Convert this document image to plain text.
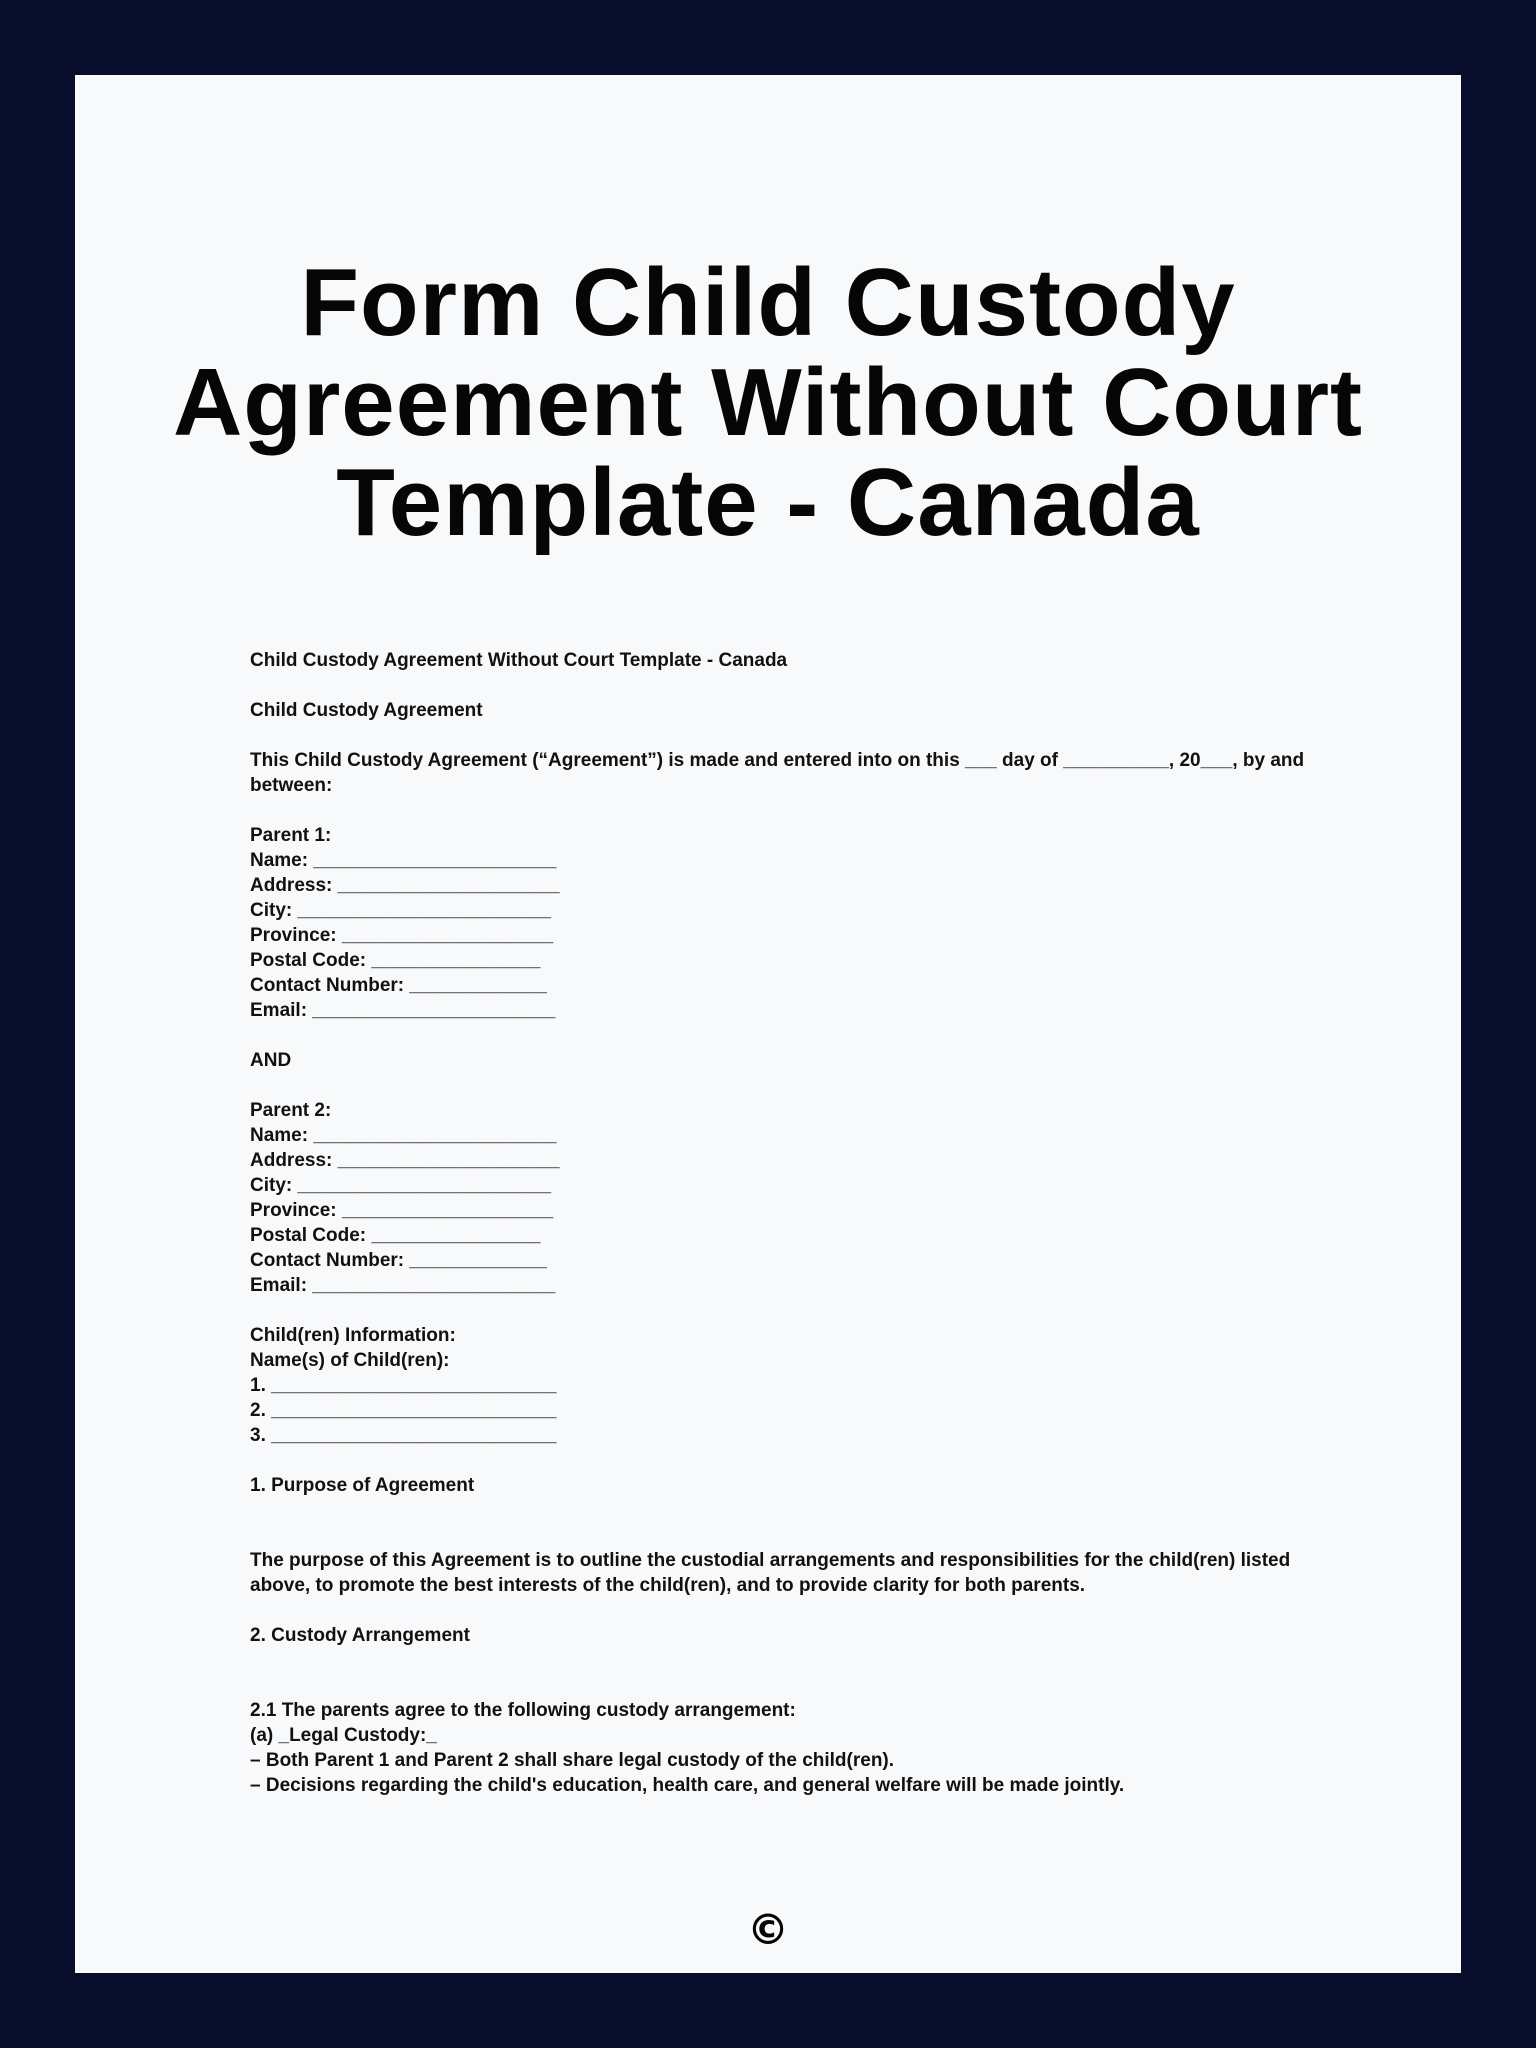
Form Child Custody
Agreement Without Court
Template - Canada
Child Custody Agreement Without Court Template - Canada
Child Custody Agreement
This Child Custody Agreement (“Agreement”) is made and entered into on this ___ day of __________, 20___, by and between:
Parent 1:
Name: _______________________
Address: _____________________
City: ________________________
Province: ____________________
Postal Code: ________________
Contact Number: _____________
Email: _______________________
AND
Parent 2:
Name: _______________________
Address: _____________________
City: ________________________
Province: ____________________
Postal Code: ________________
Contact Number: _____________
Email: _______________________
Child(ren) Information:
Name(s) of Child(ren):
1. ___________________________
2. ___________________________
3. ___________________________
1. Purpose of Agreement
The purpose of this Agreement is to outline the custodial arrangements and responsibilities for the child(ren) listed above, to promote the best interests of the child(ren), and to provide clarity for both parents.
2. Custody Arrangement
2.1 The parents agree to the following custody arrangement:
(a) _Legal Custody:_
– Both Parent 1 and Parent 2 shall share legal custody of the child(ren).
– Decisions regarding the child's education, health care, and general welfare will be made jointly.
©
